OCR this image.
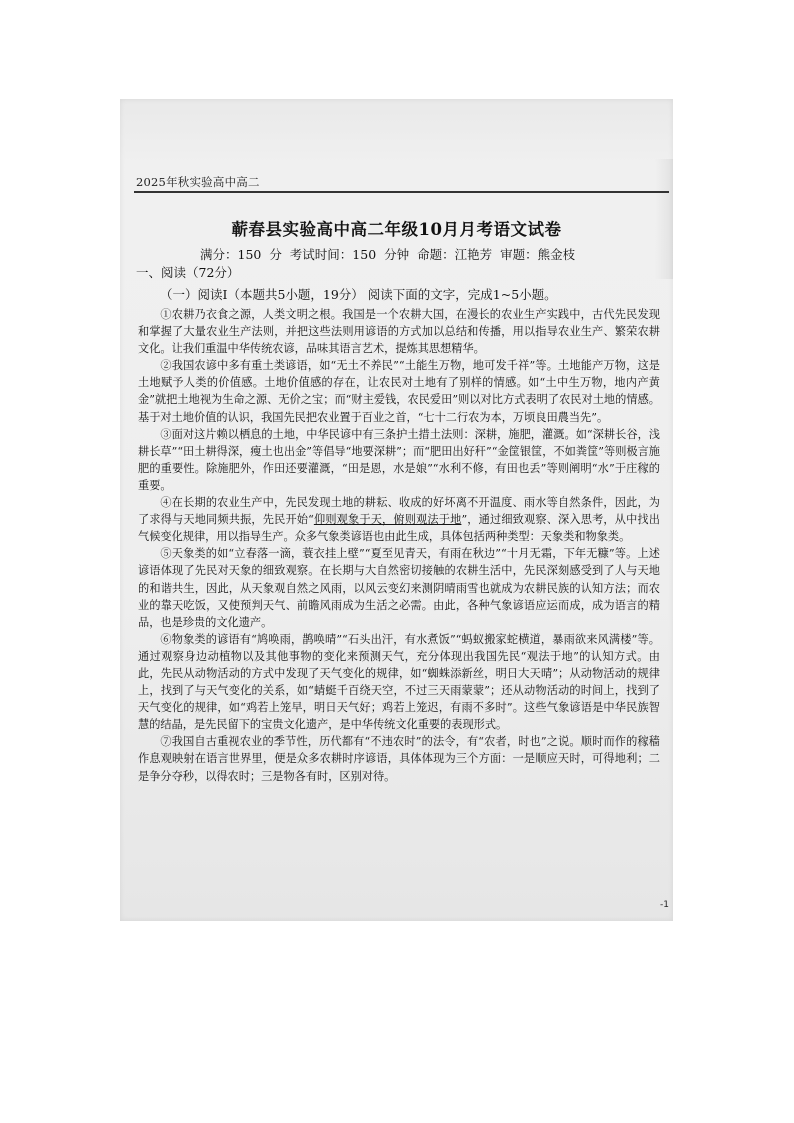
2025年秋实验高中高二
蕲春县实验高中高二年级10月月考语文试卷
满分：150 分 考试时间：150 分钟 命题：江艳芳 审题：熊金枝
一、阅读（72分）
（一）阅读Ⅰ（本题共5小题，19分） 阅读下面的文字，完成1~5小题。

①农耕乃衣食之源，人类文明之根。我国是一个农耕大国，在漫长的农业生产实践中，古代先民发现和掌握了大量农业生产法则，并把这些法则用谚语的方式加以总结和传播，用以指导农业生产、繁荣农耕文化。让我们重温中华传统农谚，品味其语言艺术，提炼其思想精华。

②我国农谚中多有重土类谚语，如“无土不养民”“土能生万物，地可发千祥”等。土地能产万物，这是土地赋予人类的价值感。土地价值感的存在，让农民对土地有了别样的情感。如“土中生万物，地内产黄金”就把土地视为生命之源、无价之宝；而“财主爱钱，农民爱田”则以对比方式表明了农民对土地的情感。基于对土地价值的认识，我国先民把农业置于百业之首，“七十二行农为本，万顷良田農当先”。

③面对这片赖以栖息的土地，中华民谚中有三条护土措土法则：深耕，施肥，灌溉。如“深耕长谷，浅耕长草”“田土耕得深，瘦土也出金”等倡导“地要深耕”；而“肥田出好秆”“金筐银筐，不如粪筐”等则极言施肥的重要性。除施肥外，作田还要灌溉，“田是恩，水是娘”“水利不修，有田也丢”等则阐明“水”于庄稼的重要。

④在长期的农业生产中，先民发现土地的耕耘、收成的好坏离不开温度、雨水等自然条件，因此，为了求得与天地同频共振，先民开始“仰则观象于天，俯则观法于地”，通过细致观察、深入思考，从中找出气候变化规律，用以指导生产。众多气象类谚语也由此生成，具体包括两种类型：天象类和物象类。

⑤天象类的如“立春落一滴，蓑衣挂上壁”“夏至见青天，有雨在秋边”“十月无霜，下年无糠”等。上述谚语体现了先民对天象的细致观察。在长期与大自然密切接触的农耕生活中，先民深刻感受到了人与天地的和谐共生，因此，从天象观自然之风雨，以风云变幻来测阴晴雨雪也就成为农耕民族的认知方法；而农业的靠天吃饭，又使预判天气、前瞻风雨成为生活之必需。由此，各种气象谚语应运而成，成为语言的精品，也是珍贵的文化遗产。

⑥物象类的谚语有“鸠唤雨，鹊唤晴”“石头出汗，有水煮饭”“蚂蚁搬家蛇横道，暴雨欲来风满楼”等。通过观察身边动植物以及其他事物的变化来预测天气，充分体现出我国先民“观法于地”的认知方式。由此，先民从动物活动的方式中发现了天气变化的规律，如“蜘蛛添新丝，明日大天晴”；从动物活动的规律上，找到了与天气变化的关系，如“蜻蜓千百绕天空，不过三天雨蒙蒙”；还从动物活动的时间上，找到了天气变化的规律，如“鸡若上笼早，明日天气好；鸡若上笼迟，有雨不多时”。这些气象谚语是中华民族智慧的结晶，是先民留下的宝贵文化遗产，是中华传统文化重要的表现形式。

⑦我国自古重视农业的季节性，历代都有“不违农时”的法令，有“农者，时也”之说。顺时而作的稼穑作息观映射在语言世界里，便是众多农耕时序谚语，具体体现为三个方面：一是顺应天时，可得地利；二是争分夺秒，以得农时；三是物各有时，区别对待。

-1
